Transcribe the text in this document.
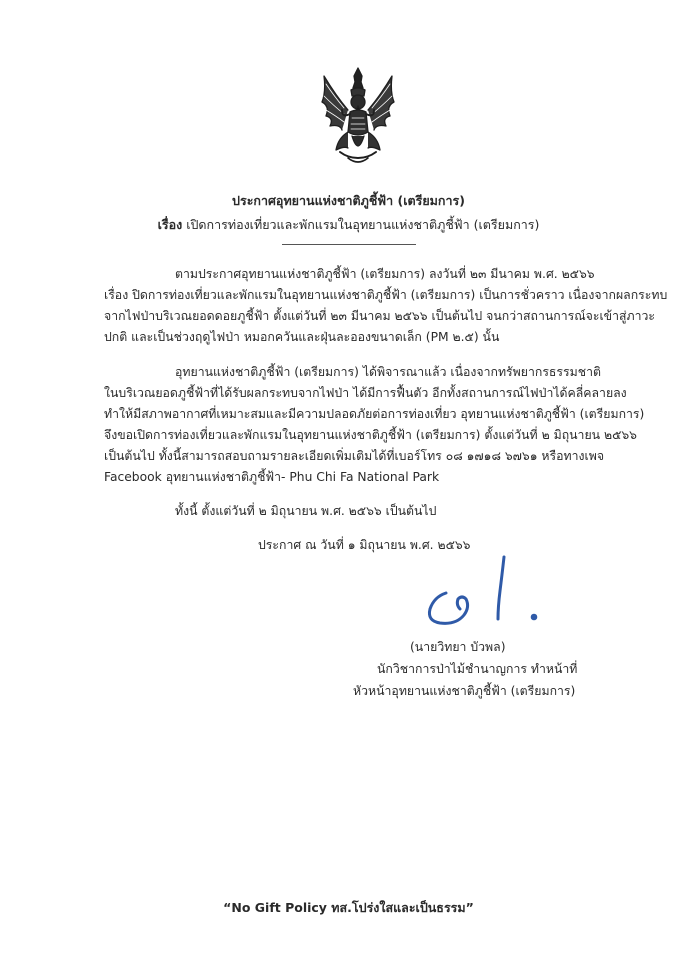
ประกาศอุทยานแห่งชาติภูชี้ฟ้า (เตรียมการ)
เรื่อง เปิดการท่องเที่ยวและพักแรมในอุทยานแห่งชาติภูชี้ฟ้า (เตรียมการ)
ตามประกาศอุทยานแห่งชาติภูชี้ฟ้า (เตรียมการ) ลงวันที่ ๒๓ มีนาคม พ.ศ. ๒๕๖๖
เรื่อง ปิดการท่องเที่ยวและพักแรมในอุทยานแห่งชาติภูชี้ฟ้า (เตรียมการ) เป็นการชั่วคราว เนื่องจากผลกระทบ
จากไฟป่าบริเวณยอดดอยภูชี้ฟ้า ตั้งแต่วันที่ ๒๓ มีนาคม ๒๕๖๖ เป็นต้นไป จนกว่าสถานการณ์จะเข้าสู่ภาวะ
ปกติ และเป็นช่วงฤดูไฟป่า หมอกควันและฝุ่นละอองขนาดเล็ก (PM ๒.๕) นั้น
อุทยานแห่งชาติภูชี้ฟ้า (เตรียมการ) ได้พิจารณาแล้ว เนื่องจากทรัพยากรธรรมชาติ
ในบริเวณยอดภูชี้ฟ้าที่ได้รับผลกระทบจากไฟป่า ได้มีการฟื้นตัว อีกทั้งสถานการณ์ไฟป่าได้คลี่คลายลง
ทำให้มีสภาพอากาศที่เหมาะสมและมีความปลอดภัยต่อการท่องเที่ยว อุทยานแห่งชาติภูชี้ฟ้า (เตรียมการ)
จึงขอเปิดการท่องเที่ยวและพักแรมในอุทยานแห่งชาติภูชี้ฟ้า (เตรียมการ) ตั้งแต่วันที่ ๒ มิถุนายน ๒๕๖๖
เป็นต้นไป ทั้งนี้สามารถสอบถามรายละเอียดเพิ่มเติมได้ที่เบอร์โทร ๐๘ ๑๗๑๘ ๖๗๖๑ หรือทางเพจ
Facebook อุทยานแห่งชาติภูชี้ฟ้า- Phu Chi Fa National Park
ทั้งนี้ ตั้งแต่วันที่ ๒ มิถุนายน พ.ศ. ๒๕๖๖ เป็นต้นไป
ประกาศ ณ วันที่ ๑ มิถุนายน พ.ศ. ๒๕๖๖
(นายวิทยา บัวพล)
นักวิชาการป่าไม้ชำนาญการ ทำหน้าที่
หัวหน้าอุทยานแห่งชาติภูชี้ฟ้า (เตรียมการ)
“No Gift Policy ทส.โปร่งใสและเป็นธรรม”
